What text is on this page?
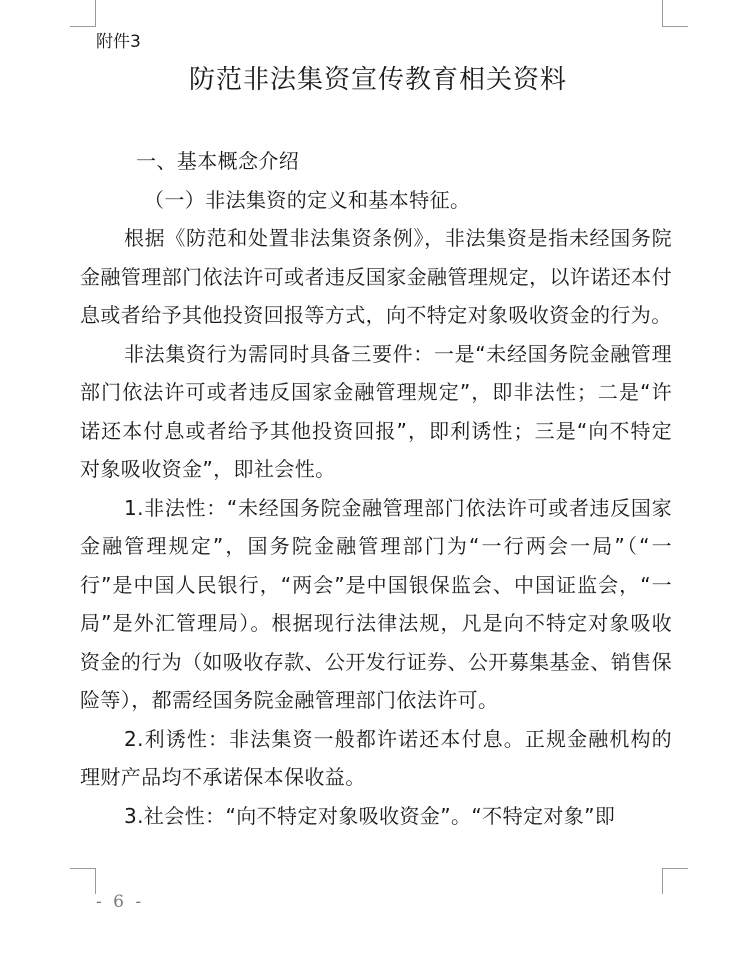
附件3
防范非法集资宣传教育相关资料

一、基本概念介绍

（一）非法集资的定义和基本特征。

根据《防范和处置非法集资条例》，非法集资是指未经国务院金融管理部门依法许可或者违反国家金融管理规定，以许诺还本付息或者给予其他投资回报等方式，向不特定对象吸收资金的行为。

非法集资行为需同时具备三要件：一是“未经国务院金融管理部门依法许可或者违反国家金融管理规定”，即非法性；二是“许诺还本付息或者给予其他投资回报”，即利诱性；三是“向不特定对象吸收资金”，即社会性。

1.非法性：“未经国务院金融管理部门依法许可或者违反国家金融管理规定”，国务院金融管理部门为“一行两会一局”（“一行”是中国人民银行，“两会”是中国银保监会、中国证监会，“一局”是外汇管理局）。根据现行法律法规，凡是向不特定对象吸收资金的行为（如吸收存款、公开发行证券、公开募集基金、销售保险等），都需经国务院金融管理部门依法许可。

2.利诱性：非法集资一般都许诺还本付息。正规金融机构的理财产品均不承诺保本保收益。

3.社会性：“向不特定对象吸收资金”。“不特定对象”即

- 6 -
